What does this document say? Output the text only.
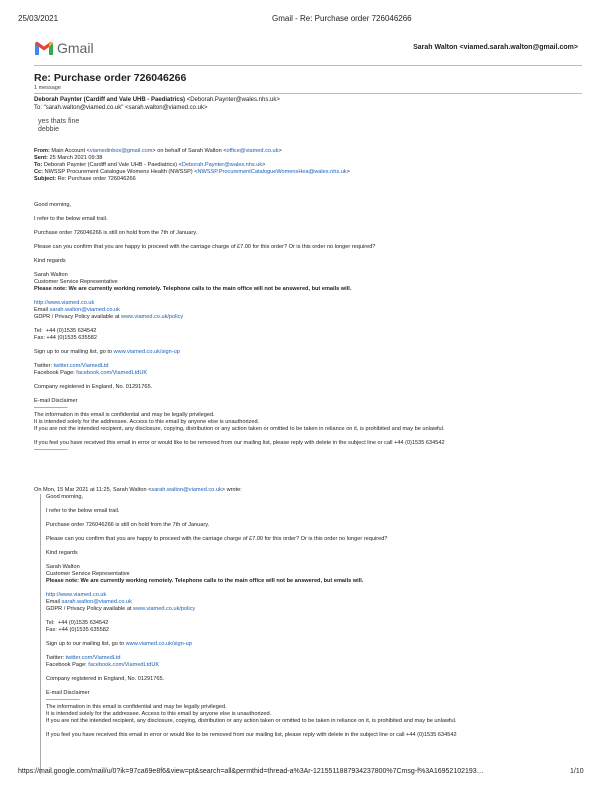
25/03/2021	Gmail - Re: Purchase order 726046266
Gmail	Sarah Walton <viamed.sarah.walton@gmail.com>
Re: Purchase order 726046266
1 message
Deborah Paynter (Cardiff and Vale UHB - Paediatrics) <Deborah.Paynter@wales.nhs.uk>
To: "sarah.walton@viamed.co.uk" <sarah.walton@viamed.co.uk>
yes thats fine
debbie

From: Main Account <viamedinbox@gmail.com> on behalf of Sarah Walton <office@viamed.co.uk>

Sent: 25 March 2021 09:38

To: Deborah Paynter (Cardiff and Vale UHB - Paediatrics) <Deborah.Paynter@wales.nhs.uk>

Cc: NWSSP Procurement Catalogue Womens Health (NWSSP) <NWSSP.ProcurementCatalogueWomensHea@wales.nhs.uk>

Subject: Re: Purchase order 726046266

Good morning,

I refer to the below email trail.

Purchase order 726046266 is still on hold from the 7th of January.

Please can you confirm that you are happy to proceed with the carriage charge of £7.00 for this order? Or is this order no longer required?

Kind regards

Sarah Walton

Customer Service Representative

Please note: We are currently working remotely. Telephone calls to the main office will not be answered, but emails will.

http://www.viamed.co.uk

Email sarah.walton@viamed.co.uk

GDPR / Privacy Policy available at www.viamed.co.uk/policy

Tel:  +44 (0)1535 634542

Fax: +44 (0)1535 635582

Sign up to our mailing list, go to www.viamed.co.uk/sign-up

Twitter: twitter.com/ViamedLtd

Facebook Page: facebook.com/ViamedLtdUK

Company registered in England, No. 01291765.

E-mail Disclaimer

——————

The information in this email is confidential and may be legally privileged.

It is intended solely for the addressee. Access to this email by anyone else is unauthorized.

If you are not the intended recipient, any disclosure, copying, distribution or any action taken or omitted to be taken in reliance on it, is prohibited and may be unlawful.

If you feel you have received this email in error or would like to be removed from our mailing list, please reply with delete in the subject line or call +44 (0)1535 634542

——————

On Mon, 15 Mar 2021 at 11:25, Sarah Walton <sarah.walton@viamed.co.uk> wrote:

Good morning,

I refer to the below email trail.

Purchase order 726046266 is still on hold from the 7th of January.

Please can you confirm that you are happy to proceed with the carriage charge of £7.00 for this order? Or is this order no longer required?

Kind regards

Sarah Walton

Customer Service Representative

Please note: We are currently working remotely. Telephone calls to the main office will not be answered, but emails will.

http://www.viamed.co.uk

Email sarah.walton@viamed.co.uk

GDPR / Privacy Policy available at www.viamed.co.uk/policy

Tel:  +44 (0)1535 634542

Fax: +44 (0)1535 635582

Sign up to our mailing list, go to www.viamed.co.uk/sign-up

Twitter: twitter.com/ViamedLtd

Facebook Page: facebook.com/ViamedLtdUK

Company registered in England, No. 01291765.

E-mail Disclaimer

——————

The information in this email is confidential and may be legally privileged.

It is intended solely for the addressee. Access to this email by anyone else is unauthorized.

If you are not the intended recipient, any disclosure, copying, distribution or any action taken or omitted to be taken in reliance on it, is prohibited and may be unlawful.

If you feel you have received this email in error or would like to be removed from our mailing list, please reply with delete in the subject line or call +44 (0)1535 634542

https://mail.google.com/mail/u/0?ik=97ca69e8f6&view=pt&search=all&permthid=thread-a%3Ar-1215511887934237800%7Cmsg-f%3A16952102193…	1/10
